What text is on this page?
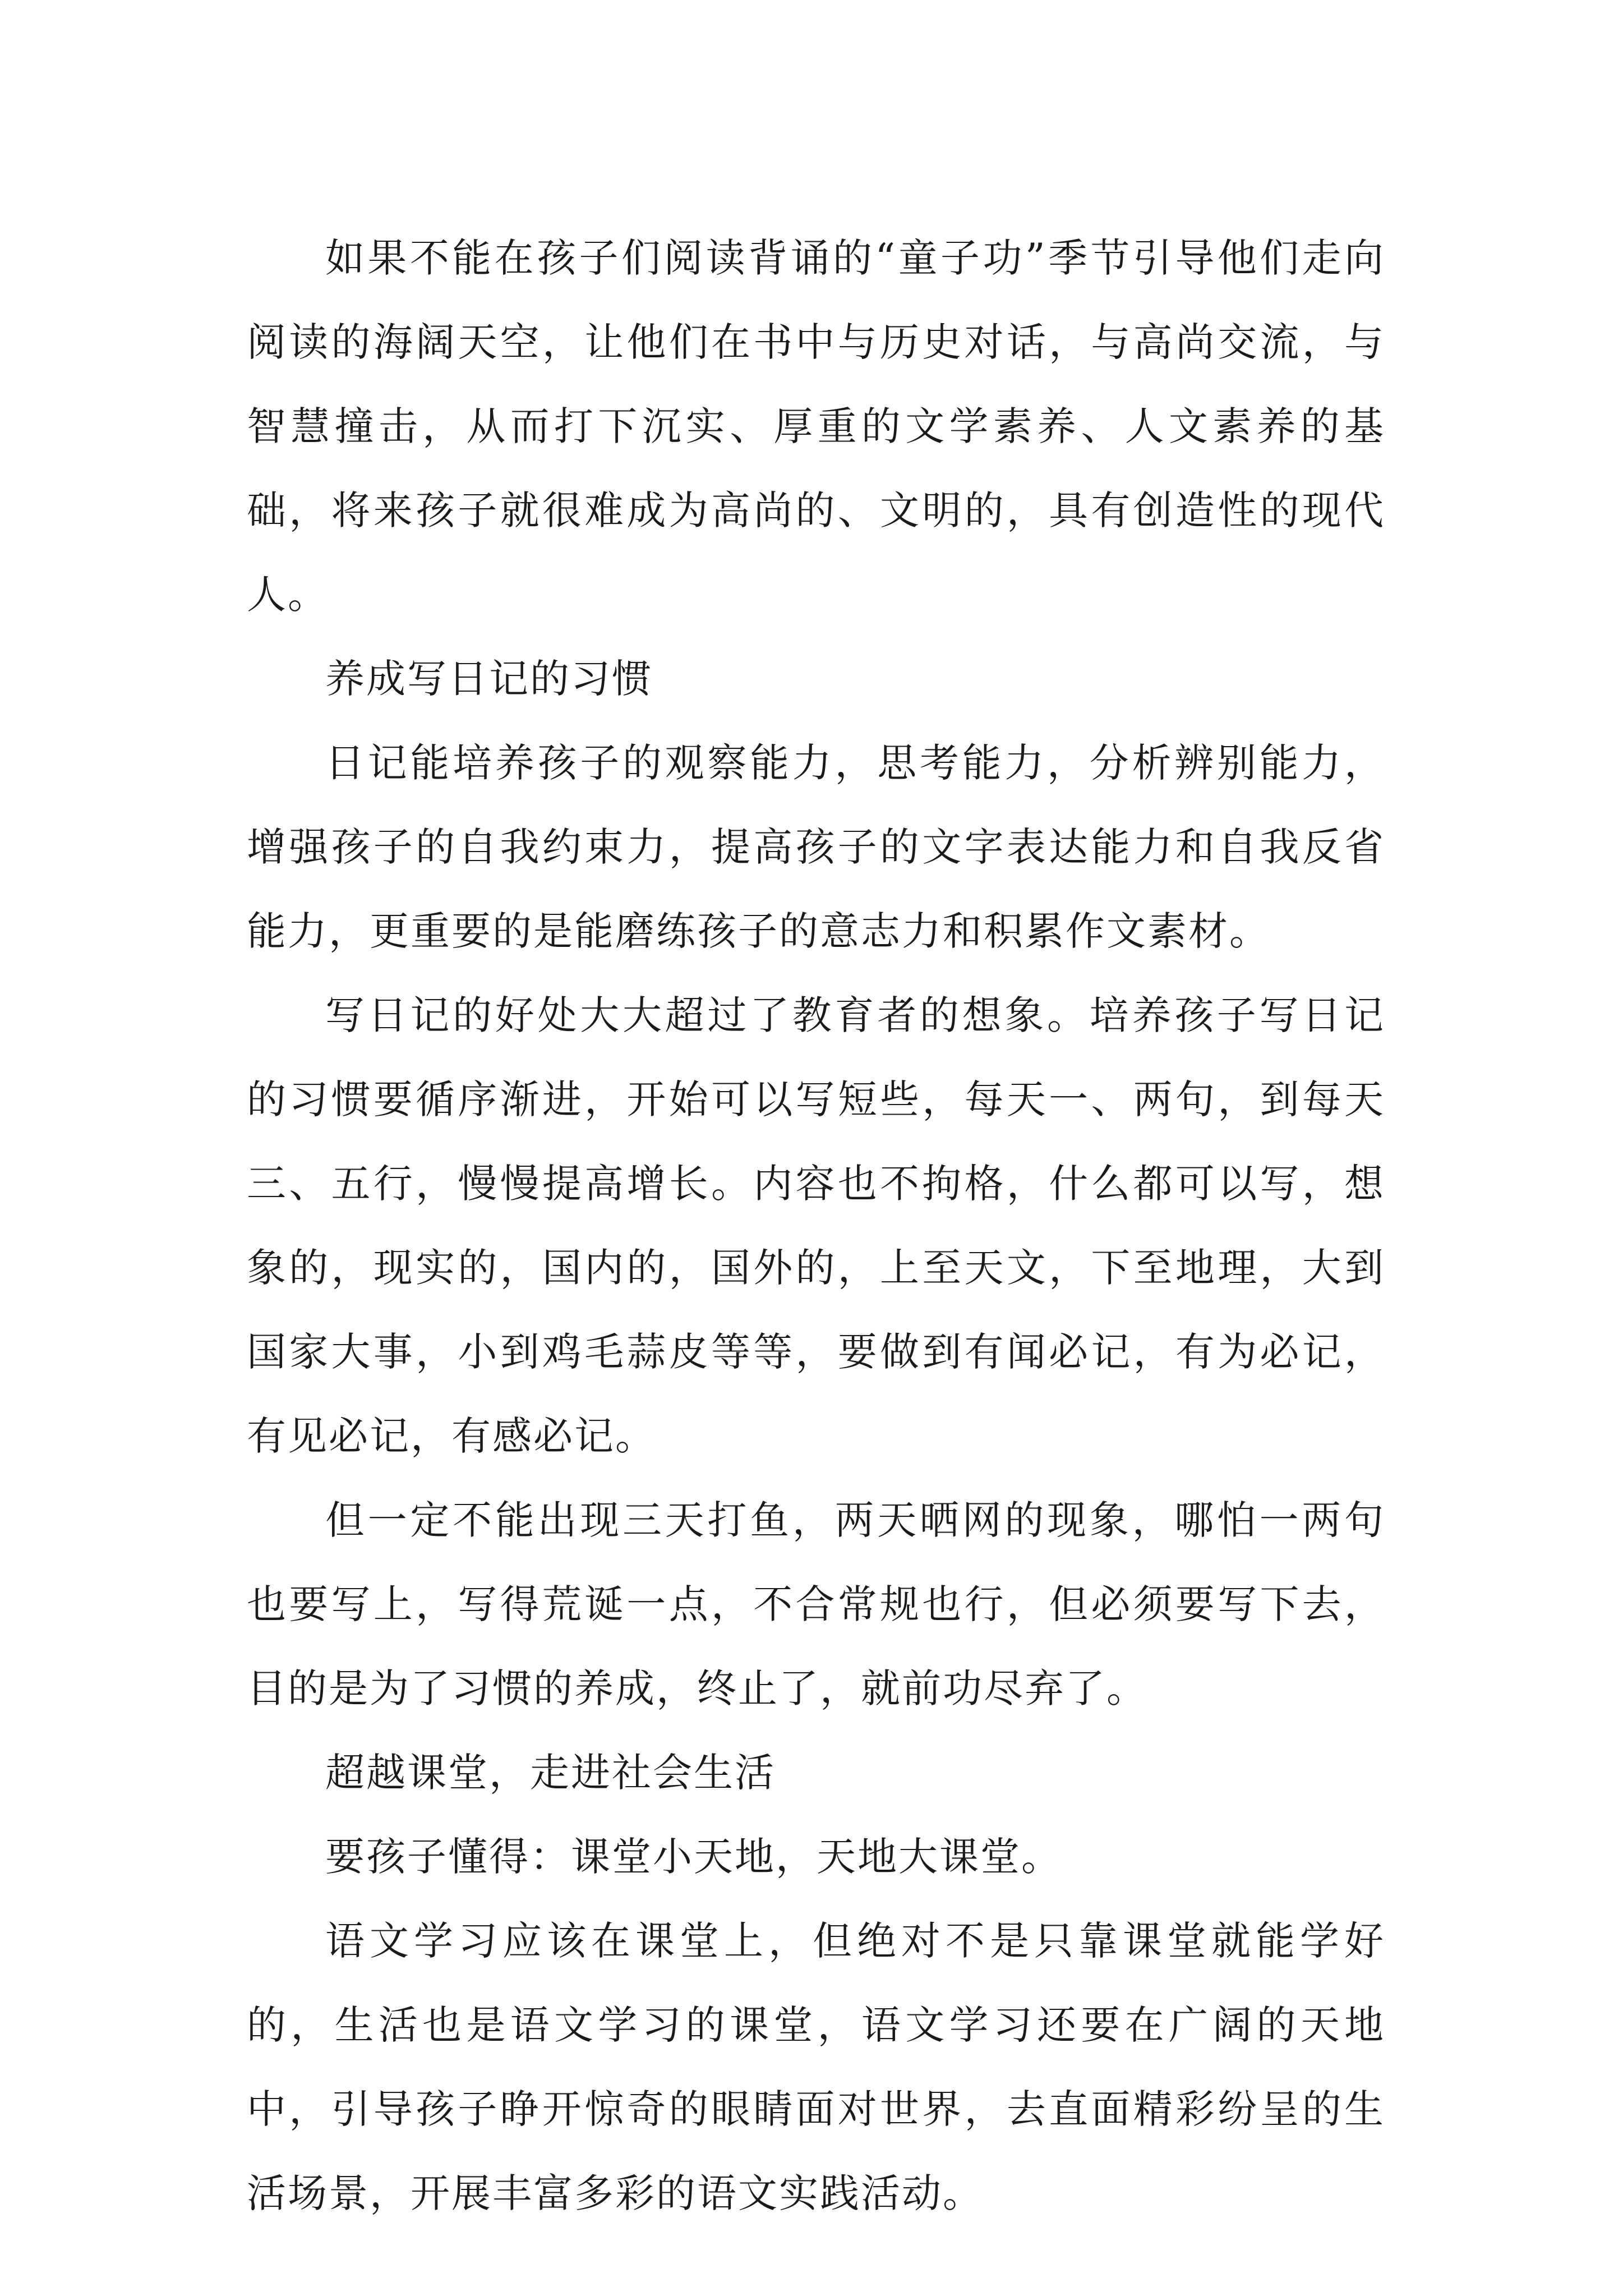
如果不能在孩子们阅读背诵的“童子功”季节引导他们走向阅读的海阔天空，让他们在书中与历史对话，与高尚交流，与智慧撞击，从而打下沉实、厚重的文学素养、人文素养的基础，将来孩子就很难成为高尚的、文明的，具有创造性的现代人。

养成写日记的习惯

日记能培养孩子的观察能力，思考能力，分析辨别能力，增强孩子的自我约束力，提高孩子的文字表达能力和自我反省能力，更重要的是能磨练孩子的意志力和积累作文素材。

写日记的好处大大超过了教育者的想象。培养孩子写日记的习惯要循序渐进，开始可以写短些，每天一、两句，到每天三、五行，慢慢提高增长。内容也不拘格，什么都可以写，想象的，现实的，国内的，国外的，上至天文，下至地理，大到国家大事，小到鸡毛蒜皮等等，要做到有闻必记，有为必记，有见必记，有感必记。

但一定不能出现三天打鱼，两天晒网的现象，哪怕一两句也要写上，写得荒诞一点，不合常规也行，但必须要写下去，目的是为了习惯的养成，终止了，就前功尽弃了。

超越课堂，走进社会生活

要孩子懂得：课堂小天地，天地大课堂。

语文学习应该在课堂上，但绝对不是只靠课堂就能学好的，生活也是语文学习的课堂，语文学习还要在广阔的天地中，引导孩子睁开惊奇的眼睛面对世界，去直面精彩纷呈的生活场景，开展丰富多彩的语文实践活动。
